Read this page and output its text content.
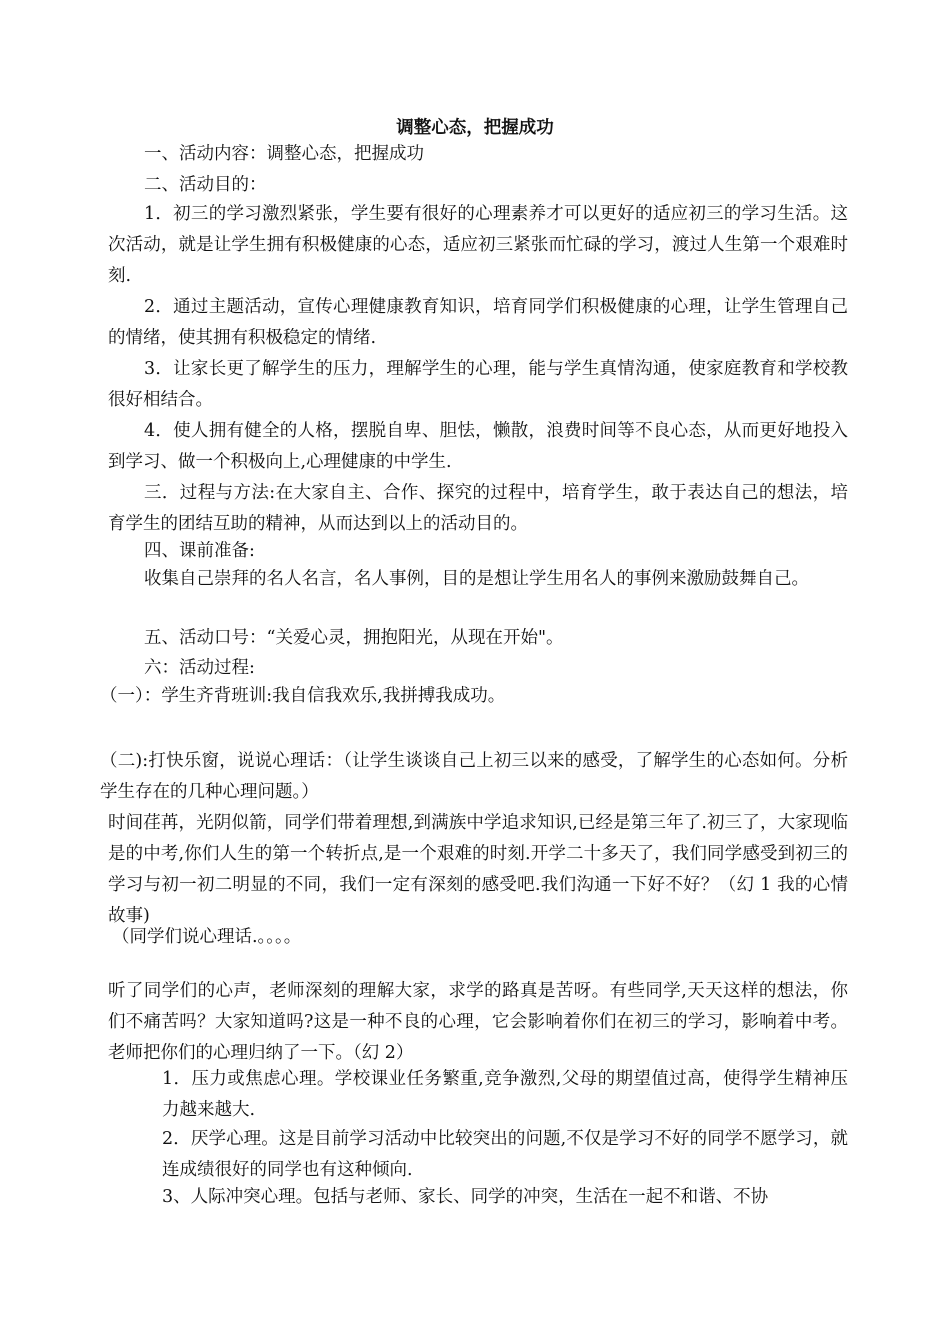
调整心态，把握成功
一、活动内容：调整心态，把握成功
二、活动目的：
1．初三的学习激烈紧张，学生要有很好的心理素养才可以更好的适应初三的学习生活。这次活动，就是让学生拥有积极健康的心态，适应初三紧张而忙碌的学习，渡过人生第一个艰难时刻.
2．通过主题活动，宣传心理健康教育知识，培育同学们积极健康的心理，让学生管理自己的情绪，使其拥有积极稳定的情绪.
3．让家长更了解学生的压力，理解学生的心理，能与学生真情沟通，使家庭教育和学校教很好相结合。
4．使人拥有健全的人格，摆脱自卑、胆怯，懒散，浪费时间等不良心态，从而更好地投入到学习、做一个积极向上,心理健康的中学生.
三．过程与方法:在大家自主、合作、探究的过程中，培育学生，敢于表达自己的想法，培育学生的团结互助的精神，从而达到以上的活动目的。
四、课前准备:
收集自己崇拜的名人名言，名人事例，目的是想让学生用名人的事例来激励鼓舞自己。
五、活动口号：“关爱心灵，拥抱阳光，从现在开始"。
六：活动过程:
（一）：学生齐背班训:我自信我欢乐,我拼搏我成功。
（二):打快乐窗，说说心理话：（让学生谈谈自己上初三以来的感受，了解学生的心态如何。分析学生存在的几种心理问题。）
时间荏苒，光阴似箭，同学们带着理想,到满族中学追求知识,已经是第三年了.初三了，大家现临是的中考,你们人生的第一个转折点,是一个艰难的时刻.开学二十多天了，我们同学感受到初三的学习与初一初二明显的不同，我们一定有深刻的感受吧.我们沟通一下好不好？（幻 1 我的心情故事)
（同学们说心理话.。。。。
听了同学们的心声，老师深刻的理解大家，求学的路真是苦呀。有些同学,天天这样的想法，你们不痛苦吗？大家知道吗?这是一种不良的心理，它会影响着你们在初三的学习，影响着中考。老师把你们的心理归纳了一下。（幻 2）
1．压力或焦虑心理。学校课业任务繁重,竞争激烈,父母的期望值过高，使得学生精神压力越来越大.
2．厌学心理。这是目前学习活动中比较突出的问题,不仅是学习不好的同学不愿学习，就连成绩很好的同学也有这种倾向.
3、人际冲突心理。包括与老师、家长、同学的冲突，生活在一起不和谐、不协
